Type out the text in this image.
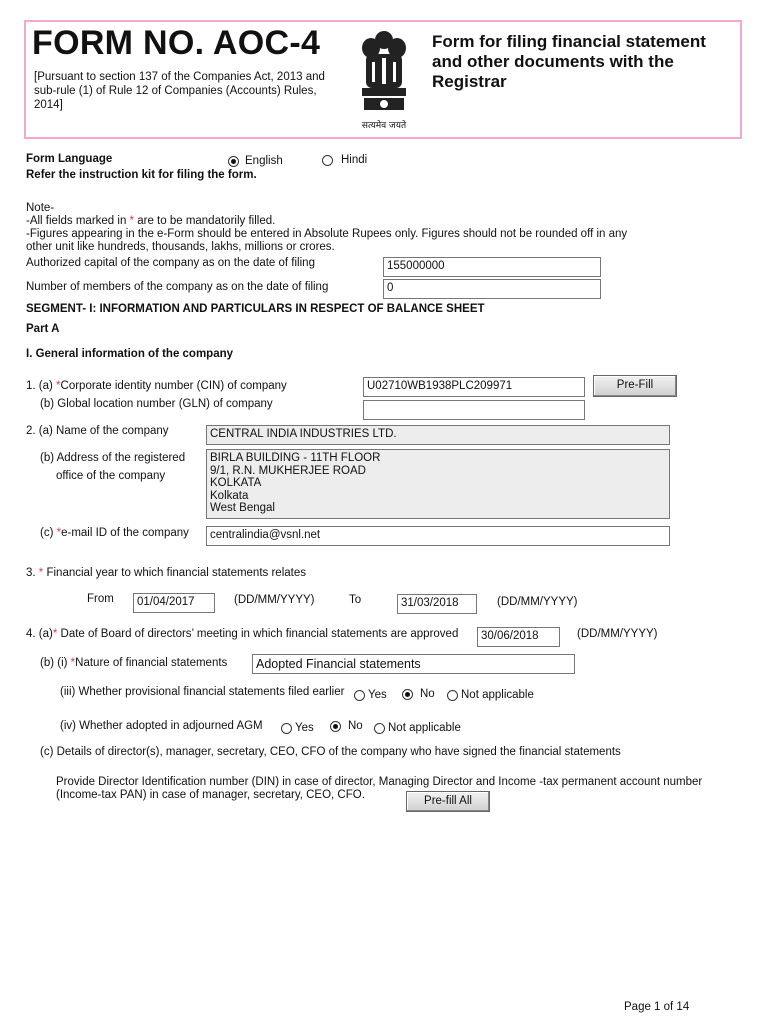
FORM NO. AOC-4
[Pursuant to section 137 of the Companies Act, 2013 and sub-rule (1) of Rule 12 of Companies (Accounts) Rules, 2014]
सत्यमेव जयते
Form for filing financial statement and other documents with the Registrar
Form Language
Refer the instruction kit for filing the form.
English	Hindi
Note-
-All fields marked in * are to be mandatorily filled.
-Figures appearing in the e-Form should be entered in Absolute Rupees only. Figures should not be rounded off in any other unit like hundreds, thousands, lakhs, millions or crores.
Authorized capital of the company as on the date of filing	155000000
Number of members of the company as on the date of filing	0
SEGMENT- I: INFORMATION AND PARTICULARS IN RESPECT OF BALANCE SHEET
Part A
I. General information of the company
1. (a) *Corporate identity number (CIN) of company	U02710WB1938PLC209971	Pre-Fill
(b) Global location number (GLN) of company
2. (a) Name of the company	CENTRAL INDIA INDUSTRIES LTD.
(b) Address of the registered
office of the company
BIRLA BUILDING - 11TH FLOOR
9/1, R.N. MUKHERJEE ROAD
KOLKATA
Kolkata
West Bengal
(c) *e-mail ID of the company	centralindia@vsnl.net
3. * Financial year to which financial statements relates
From	01/04/2017	(DD/MM/YYYY)	To	31/03/2018	(DD/MM/YYYY)
4. (a)* Date of Board of directors’ meeting in which financial statements are approved	30/06/2018	(DD/MM/YYYY)
(b) (i) *Nature of financial statements	Adopted Financial statements
(iii) Whether provisional financial statements filed earlier Yes	No Not applicable
(iv) Whether adopted in adjourned AGM	Yes	No Not applicable
(c) Details of director(s), manager, secretary, CEO, CFO of the company who have signed the financial statements
Provide Director Identification number (DIN) in case of director, Managing Director and Income -tax permanent account number
(Income-tax PAN) in case of manager, secretary, CEO, CFO.	Pre-fill All
Page 1 of 14
